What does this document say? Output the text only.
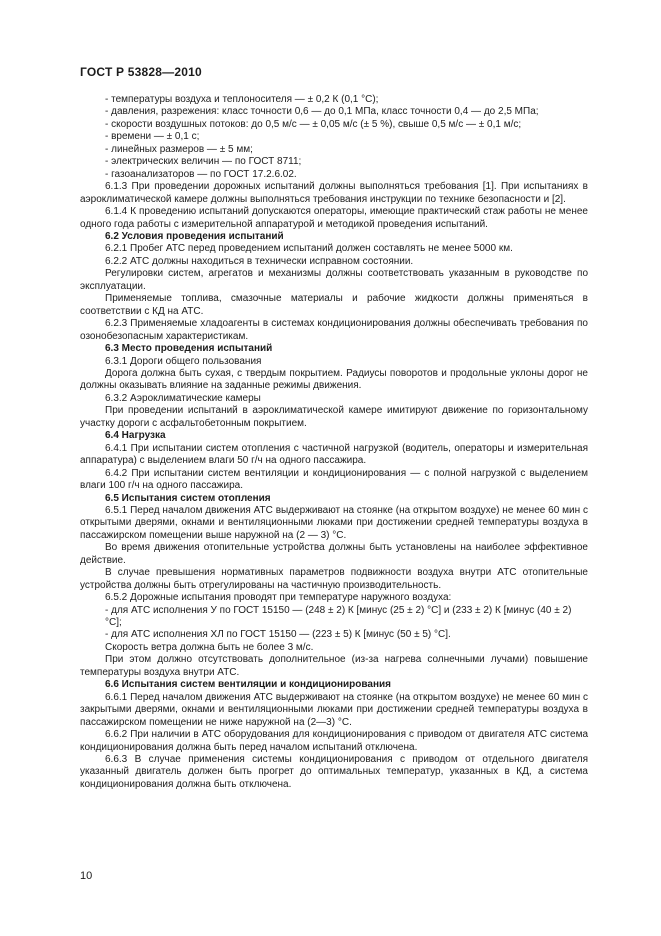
ГОСТ Р 53828—2010
- температуры воздуха и теплоносителя — ± 0,2 К (0,1 °С);
- давления, разрежения: класс точности 0,6 — до 0,1 МПа, класс точности 0,4 — до 2,5 МПа;
- скорости воздушных потоков: до 0,5 м/с — ± 0,05 м/с (± 5 %), свыше 0,5 м/с — ± 0,1 м/с;
- времени — ± 0,1 с;
- линейных размеров — ± 5 мм;
- электрических величин — по ГОСТ 8711;
- газоанализаторов — по ГОСТ 17.2.6.02.

6.1.3 При проведении дорожных испытаний должны выполняться требования [1]. При испытаниях в аэроклиматической камере должны выполняться требования инструкции по технике безопасности и [2].

6.1.4 К проведению испытаний допускаются операторы, имеющие практический стаж работы не менее одного года работы с измерительной аппаратурой и методикой проведения испытаний.

6.2 Условия проведения испытаний

6.2.1 Пробег АТС перед проведением испытаний должен составлять не менее 5000 км.

6.2.2 АТС должны находиться в технически исправном состоянии.

Регулировки систем, агрегатов и механизмы должны соответствовать указанным в руководстве по эксплуатации.

Применяемые топлива, смазочные материалы и рабочие жидкости должны применяться в соответствии с КД на АТС.

6.2.3 Применяемые хладоагенты в системах кондиционирования должны обеспечивать требования по озонобезопасным характеристикам.

6.3 Место проведения испытаний

6.3.1 Дороги общего пользования

Дорога должна быть сухая, с твердым покрытием. Радиусы поворотов и продольные уклоны дорог не должны оказывать влияние на заданные режимы движения.

6.3.2 Аэроклиматические камеры

При проведении испытаний в аэроклиматической камере имитируют движение по горизонтальному участку дороги с асфальтобетонным покрытием.

6.4 Нагрузка

6.4.1 При испытании систем отопления с частичной нагрузкой (водитель, операторы и измерительная аппаратура) с выделением влаги 50 г/ч на одного пассажира.

6.4.2 При испытании систем вентиляции и кондиционирования — с полной нагрузкой с выделением влаги 100 г/ч на одного пассажира.

6.5 Испытания систем отопления

6.5.1 Перед началом движения АТС выдерживают на стоянке (на открытом воздухе) не менее 60 мин с открытыми дверями, окнами и вентиляционными люками при достижении средней температуры воздуха в пассажирском помещении выше наружной на (2 — 3) °С.

Во время движения отопительные устройства должны быть установлены на наиболее эффективное действие.

В случае превышения нормативных параметров подвижности воздуха внутри АТС отопительные устройства должны быть отрегулированы на частичную производительность.

6.5.2 Дорожные испытания проводят при температуре наружного воздуха:

- для АТС исполнения У по ГОСТ 15150 — (248 ± 2) К [минус (25 ± 2) °С] и (233 ± 2) К [минус (40 ± 2) °С];
- для АТС исполнения ХЛ по ГОСТ 15150 — (223 ± 5) К [минус (50 ± 5) °С].

Скорость ветра должна быть не более 3 м/с.

При этом должно отсутствовать дополнительное (из-за нагрева солнечными лучами) повышение температуры воздуха внутри АТС.

6.6 Испытания систем вентиляции и кондиционирования

6.6.1 Перед началом движения АТС выдерживают на стоянке (на открытом воздухе) не менее 60 мин с закрытыми дверями, окнами и вентиляционными люками при достижении средней температуры воздуха в пассажирском помещении не ниже наружной на (2—3) °С.

6.6.2 При наличии в АТС оборудования для кондиционирования с приводом от двигателя АТС система кондиционирования должна быть перед началом испытаний отключена.

6.6.3 В случае применения системы кондиционирования с приводом от отдельного двигателя указанный двигатель должен быть прогрет до оптимальных температур, указанных в КД, а система кондиционирования должна быть отключена.

10
